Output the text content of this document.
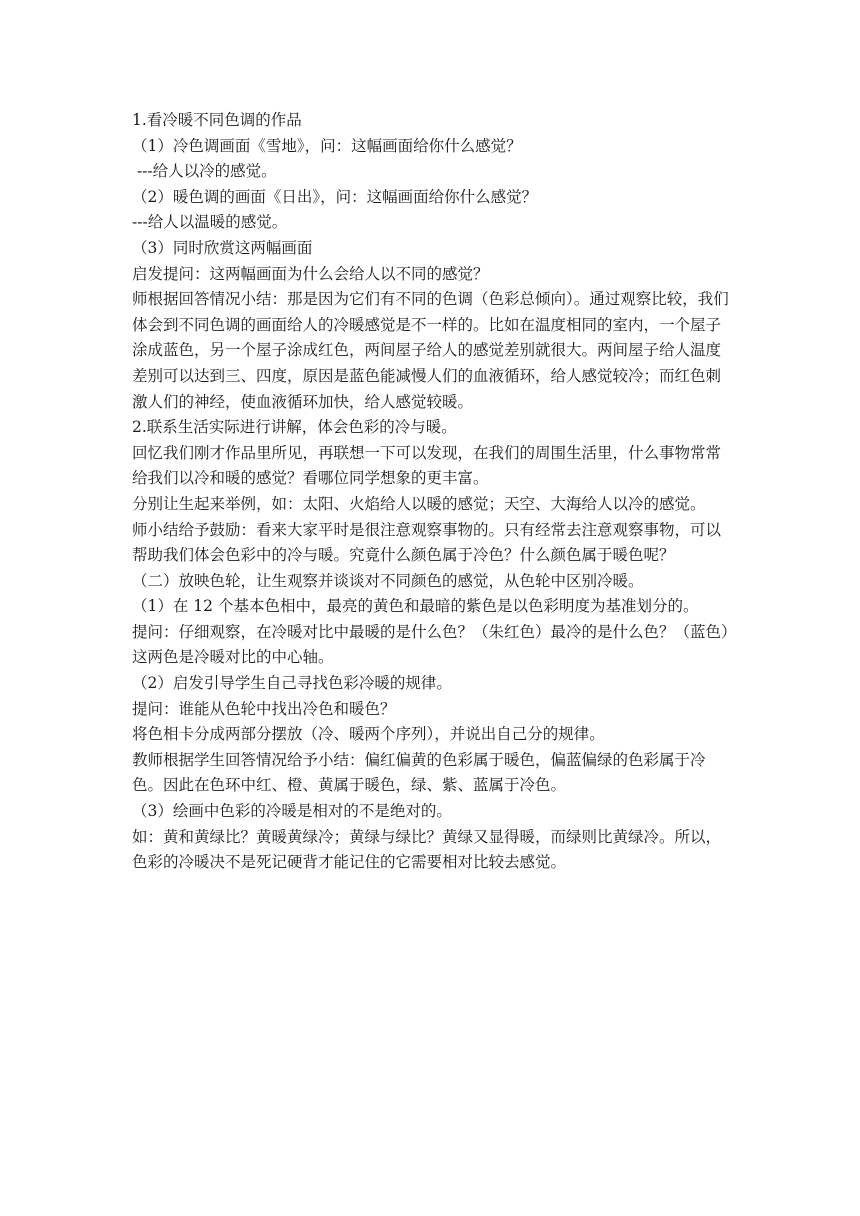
1.看冷暖不同色调的作品

（1）冷色调画面《雪地》，问：这幅画面给你什么感觉？

---给人以冷的感觉。

（2）暖色调的画面《日出》，问：这幅画面给你什么感觉？

---给人以温暖的感觉。

（3）同时欣赏这两幅画面

启发提问：这两幅画面为什么会给人以不同的感觉？

师根据回答情况小结：那是因为它们有不同的色调（色彩总倾向）。通过观察比较，我们体会到不同色调的画面给人的冷暖感觉是不一样的。比如在温度相同的室内，一个屋子涂成蓝色，另一个屋子涂成红色，两间屋子给人的感觉差别就很大。两间屋子给人温度差别可以达到三、四度，原因是蓝色能减慢人们的血液循环，给人感觉较冷；而红色刺激人们的神经，使血液循环加快，给人感觉较暖。

2.联系生活实际进行讲解，体会色彩的冷与暖。

回忆我们刚才作品里所见，再联想一下可以发现，在我们的周围生活里，什么事物常常给我们以冷和暖的感觉？看哪位同学想象的更丰富。

分别让生起来举例，如：太阳、火焰给人以暖的感觉；天空、大海给人以冷的感觉。

师小结给予鼓励：看来大家平时是很注意观察事物的。只有经常去注意观察事物，可以帮助我们体会色彩中的冷与暖。究竟什么颜色属于冷色？什么颜色属于暖色呢？

（二）放映色轮，让生观察并谈谈对不同颜色的感觉，从色轮中区别冷暖。

（1）在 12 个基本色相中，最亮的黄色和最暗的紫色是以色彩明度为基准划分的。

提问：仔细观察，在冷暖对比中最暖的是什么色？（朱红色）最冷的是什么色？（蓝色）这两色是冷暖对比的中心轴。

（2）启发引导学生自己寻找色彩冷暖的规律。

提问：谁能从色轮中找出冷色和暖色？

将色相卡分成两部分摆放（冷、暖两个序列），并说出自己分的规律。

教师根据学生回答情况给予小结：偏红偏黄的色彩属于暖色，偏蓝偏绿的色彩属于冷色。因此在色环中红、橙、黄属于暖色，绿、紫、蓝属于冷色。

（3）绘画中色彩的冷暖是相对的不是绝对的。

如：黄和黄绿比？黄暖黄绿冷；黄绿与绿比？黄绿又显得暖，而绿则比黄绿冷。所以，色彩的冷暖决不是死记硬背才能记住的它需要相对比较去感觉。
